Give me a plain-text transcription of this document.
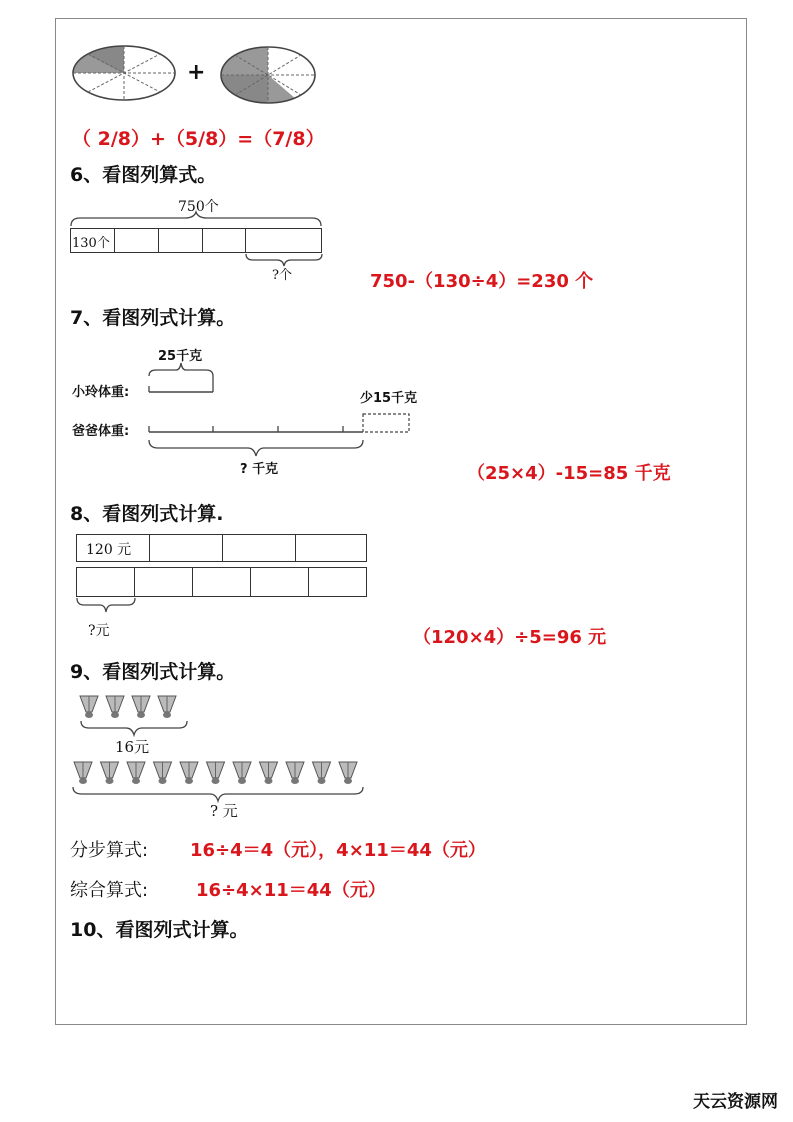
+
（ 2/8）+（5/8）=（7/8）
6、看图列算式。
750个
130个
?个	750-（130÷4）=230 个
7、看图列式计算。
25千克
小玲体重:	少15千克
爸爸体重:
? 千克	（25×4）-15=85 千克
8、看图列式计算.
120 元
?元	（120×4）÷5=96 元
9、看图列式计算。
16元
? 元
分步算式: 16÷4＝4（元），4×11＝44（元）
综合算式:	16÷4×11＝44（元）
10、看图列式计算。
天云资源网
